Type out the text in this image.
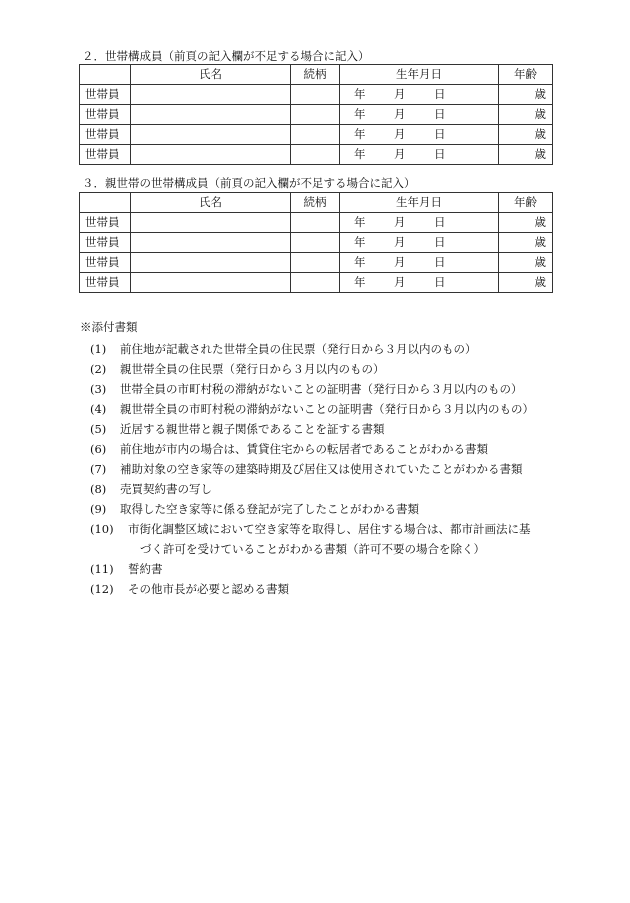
２．世帯構成員（前頁の記入欄が不足する場合に記入）
	氏名	続柄	生年月日	年齢
世帯員			年 月 日	歳
世帯員			年 月 日	歳
世帯員			年 月 日	歳
世帯員			年 月 日	歳
３．親世帯の世帯構成員（前頁の記入欄が不足する場合に記入）
	氏名	続柄	生年月日	年齢
世帯員			年 月 日	歳
世帯員			年 月 日	歳
世帯員			年 月 日	歳
世帯員			年 月 日	歳
※添付書類
(1) 前住地が記載された世帯全員の住民票（発行日から３月以内のもの）
(2) 親世帯全員の住民票（発行日から３月以内のもの）
(3) 世帯全員の市町村税の滞納がないことの証明書（発行日から３月以内のもの）
(4) 親世帯全員の市町村税の滞納がないことの証明書（発行日から３月以内のもの）
(5) 近居する親世帯と親子関係であることを証する書類
(6) 前住地が市内の場合は、賃貸住宅からの転居者であることがわかる書類
(7) 補助対象の空き家等の建築時期及び居住又は使用されていたことがわかる書類
(8) 売買契約書の写し
(9) 取得した空き家等に係る登記が完了したことがわかる書類
(10) 市街化調整区域において空き家等を取得し、居住する場合は、都市計画法に基
づく許可を受けていることがわかる書類（許可不要の場合を除く）
(11) 誓約書
(12) その他市長が必要と認める書類
